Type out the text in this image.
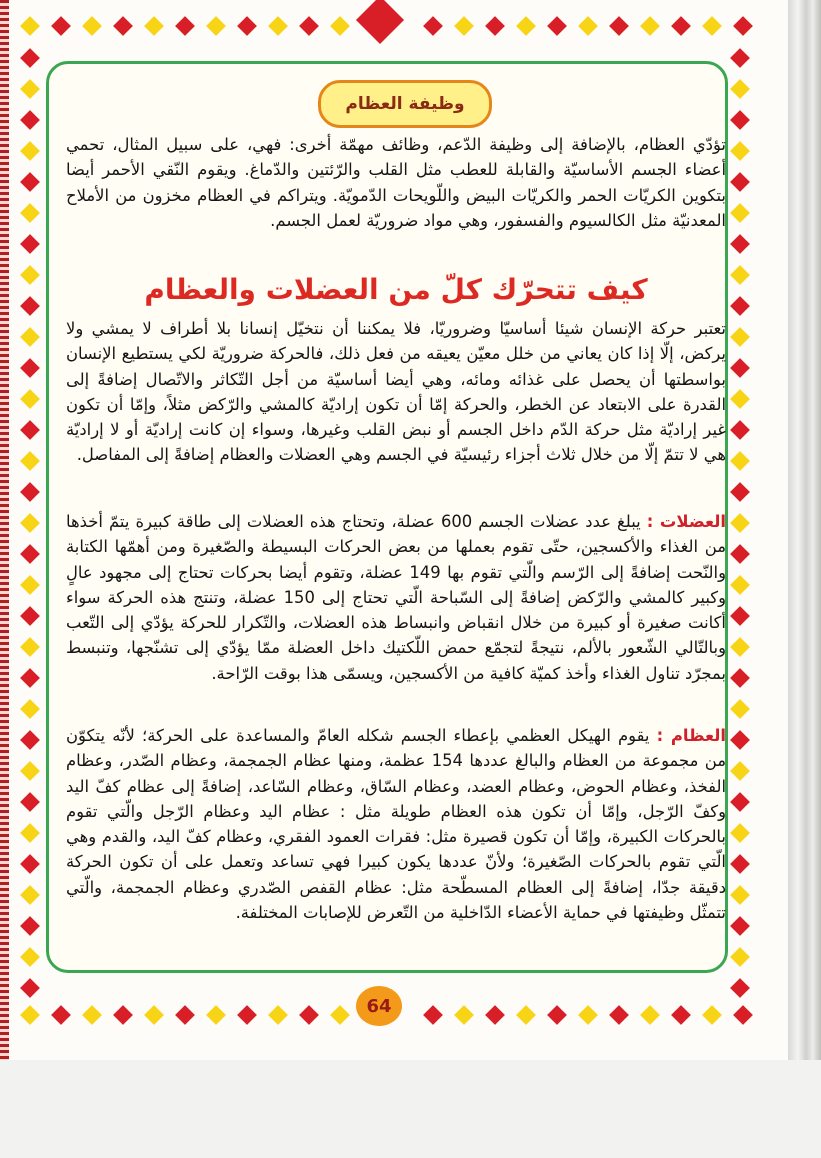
وظيفة العظام

تؤدّي العظام، بالإضافة إلى وظيفة الدّعم، وظائف مهمّة أخرى: فهي، على سبيل المثال، تحمي أعضاء الجسم الأساسيّة والقابلة للعطب مثل القلب والرّئتين والدّماغ. ويقوم النّقي الأحمر أيضا بتكوين الكريّات الحمر والكريّات البيض واللّويحات الدّمويّة. ويتراكم في العظام مخزون من الأملاح المعدنيّة مثل الكالسيوم والفسفور، وهي مواد ضروريّة لعمل الجسم.

كيف تتحرّك كلّ من العضلات والعظام

تعتبر حركة الإنسان شيئا أساسيّا وضروريّا، فلا يمكننا أن نتخيّل إنسانا بلا أطراف لا يمشي ولا يركض، إلّا إذا كان يعاني من خلل معيّن يعيقه من فعل ذلك، فالحركة ضروريّة لكي يستطيع الإنسان بواسطتها أن يحصل على غذائه ومائه، وهي أيضا أساسيّة من أجل التّكاثر والاتّصال إضافةً إلى القدرة على الابتعاد عن الخطر، والحركة إمّا أن تكون إراديّة كالمشي والرّكض مثلاً، وإمّا أن تكون غير إراديّة مثل حركة الدّم داخل الجسم أو نبض القلب وغيرها، وسواء إن كانت إراديّة أو لا إراديّة هي لا تتمّ إلّا من خلال ثلاث أجزاء رئيسيّة في الجسم وهي العضلات والعظام إضافةً إلى المفاصل.

العضلات : يبلغ عدد عضلات الجسم 600 عضلة، وتحتاج هذه العضلات إلى طاقة كبيرة يتمّ أخذها من الغذاء والأكسجين، حتّى تقوم بعملها من بعض الحركات البسيطة والصّغيرة ومن أهمّها الكتابة والنّحت إضافةً إلى الرّسم والّتي تقوم بها 149 عضلة، وتقوم أيضا بحركات تحتاج إلى مجهود عالٍ وكبير كالمشي والرّكض إضافةً إلى السّباحة الّتي تحتاج إلى 150 عضلة، وتنتج هذه الحركة سواء أكانت صغيرة أو كبيرة من خلال انقباض وانبساط هذه العضلات، والتّكرار للحركة يؤدّي إلى التّعب وبالتّالي الشّعور بالألم، نتيجةً لتجمّع حمض اللّكتيك داخل العضلة ممّا يؤدّي إلى تشنّجها، وتنبسط بمجرّد تناول الغذاء وأخذ كميّة كافية من الأكسجين، ويسمّى هذا بوقت الرّاحة.

العظام : يقوم الهيكل العظمي بإعطاء الجسم شكله العامّ والمساعدة على الحركة؛ لأنّه يتكوّن من مجموعة من العظام والبالغ عددها 154 عظمة، ومنها عظام الجمجمة، وعظام الصّدر، وعظام الفخذ، وعظام الحوض، وعظام العضد، وعظام السّاق، وعظام السّاعد، إضافةً إلى عظام كفّ اليد وكفّ الرّجل، وإمّا أن تكون هذه العظام طويلة مثل : عظام اليد وعظام الرّجل والّتي تقوم بالحركات الكبيرة، وإمّا أن تكون قصيرة مثل: فقرات العمود الفقري، وعظام كفّ اليد، والقدم وهي الّتي تقوم بالحركات الصّغيرة؛ ولأنّ عددها يكون كبيرا فهي تساعد وتعمل على أن تكون الحركة دقيقة جدّا، إضافةً إلى العظام المسطّحة مثل: عظام القفص الصّدري وعظام الجمجمة، والّتي تتمثّل وظيفتها في حماية الأعضاء الدّاخلية من التّعرض للإصابات المختلفة.

64
